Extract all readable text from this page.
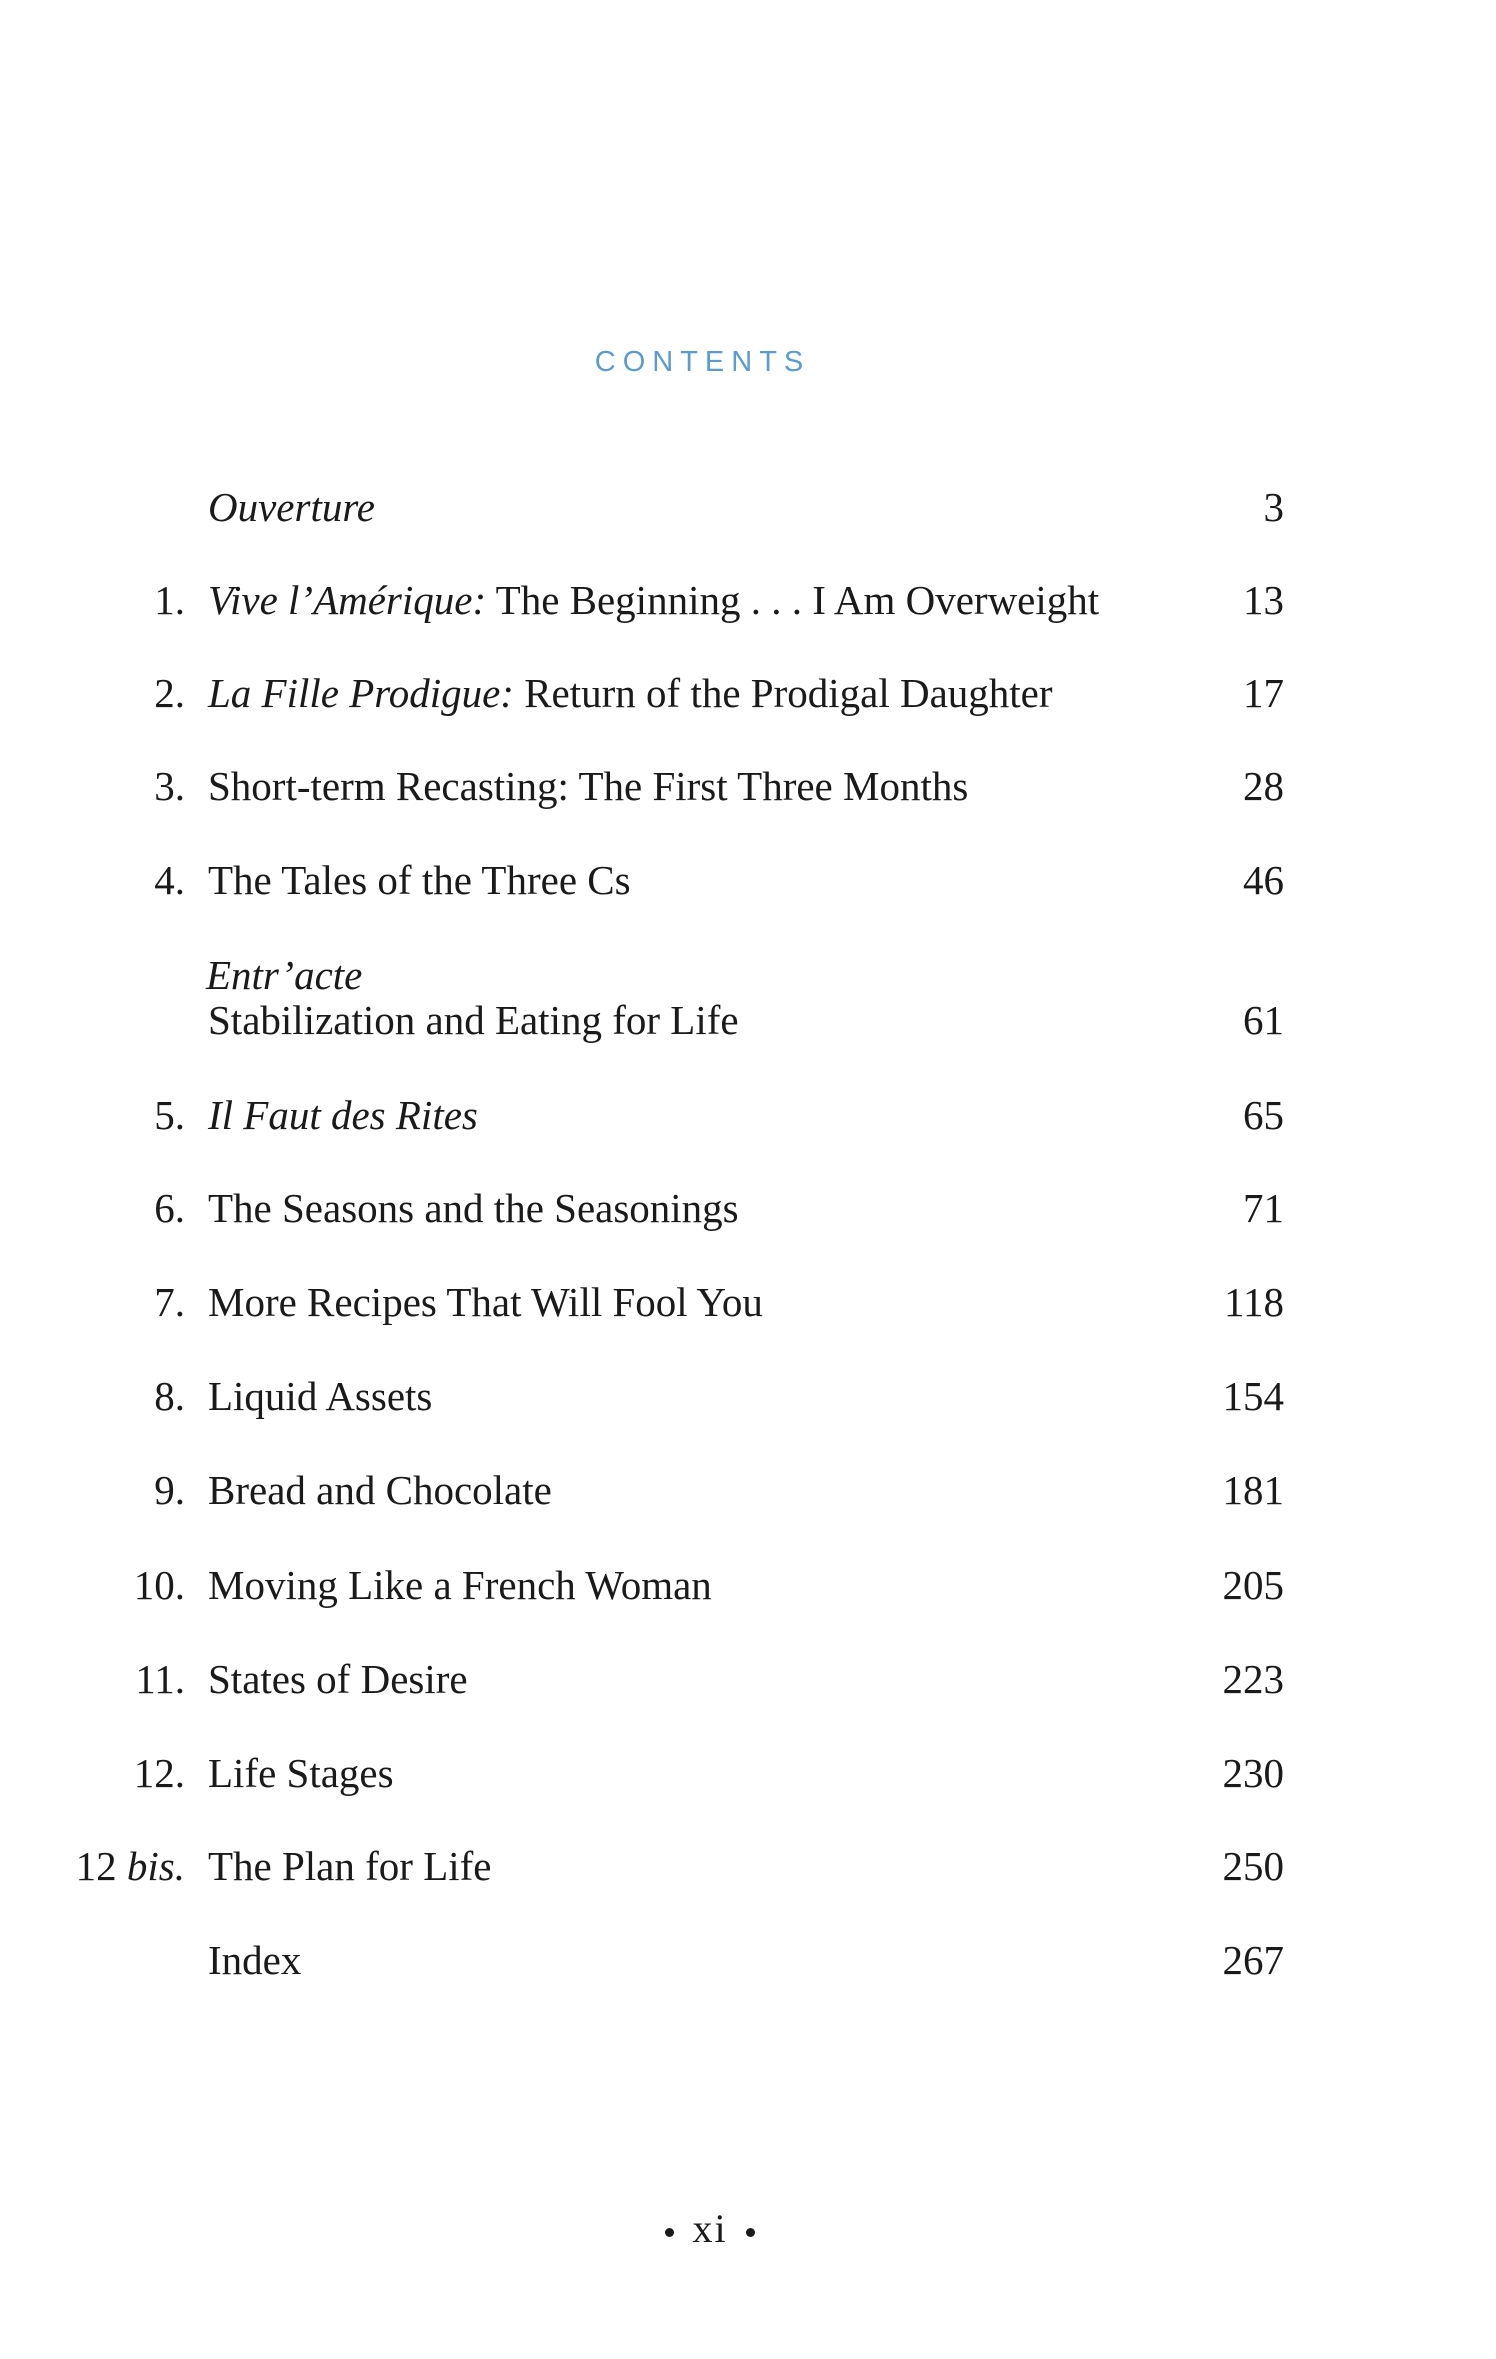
CONTENTS
Ouverture	3
1. Vive l’Amérique: The Beginning . . . I Am Overweight	13
2. La Fille Prodigue: Return of the Prodigal Daughter	17
3. Short-term Recasting: The First Three Months	28
4. The Tales of the Three Cs	46
Entr’acte
Stabilization and Eating for Life	61
5. Il Faut des Rites	65
6. The Seasons and the Seasonings	71
7. More Recipes That Will Fool You	118
8. Liquid Assets	154
9. Bread and Chocolate	181
10. Moving Like a French Woman	205
11. States of Desire	223
12. Life Stages	230
12 bis. The Plan for Life	250
Index	267
xi
